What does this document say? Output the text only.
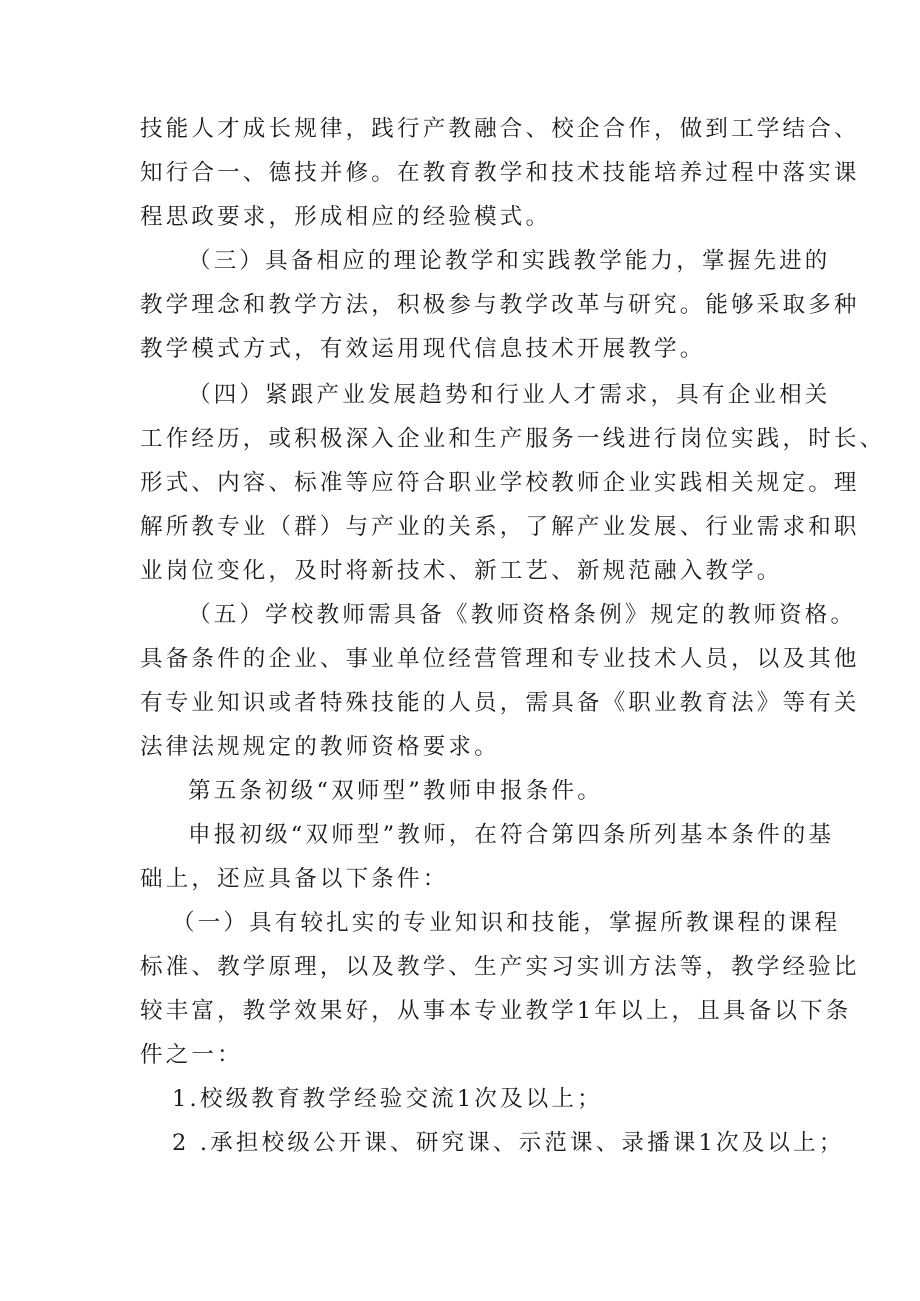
技能人才成长规律，践行产教融合、校企合作，做到工学结合、
知行合一、德技并修。在教育教学和技术技能培养过程中落实课
程思政要求，形成相应的经验模式。
（三）具备相应的理论教学和实践教学能力，掌握先进的
教学理念和教学方法，积极参与教学改革与研究。能够采取多种
教学模式方式，有效运用现代信息技术开展教学。
（四）紧跟产业发展趋势和行业人才需求，具有企业相关
工作经历，或积极深入企业和生产服务一线进行岗位实践，时长、
形式、内容、标准等应符合职业学校教师企业实践相关规定。理
解所教专业（群）与产业的关系，了解产业发展、行业需求和职
业岗位变化，及时将新技术、新工艺、新规范融入教学。
（五）学校教师需具备《教师资格条例》规定的教师资格。
具备条件的企业、事业单位经营管理和专业技术人员，以及其他
有专业知识或者特殊技能的人员，需具备《职业教育法》等有关
法律法规规定的教师资格要求。
第五条初级“双师型”教师申报条件。
申报初级“双师型”教师，在符合第四条所列基本条件的基
础上，还应具备以下条件：
（一）具有较扎实的专业知识和技能，掌握所教课程的课程
标准、教学原理，以及教学、生产实习实训方法等，教学经验比
较丰富，教学效果好，从事本专业教学1年以上，且具备以下条
件之一：
1.校级教育教学经验交流1次及以上；
2 .承担校级公开课、研究课、示范课、录播课1次及以上；
